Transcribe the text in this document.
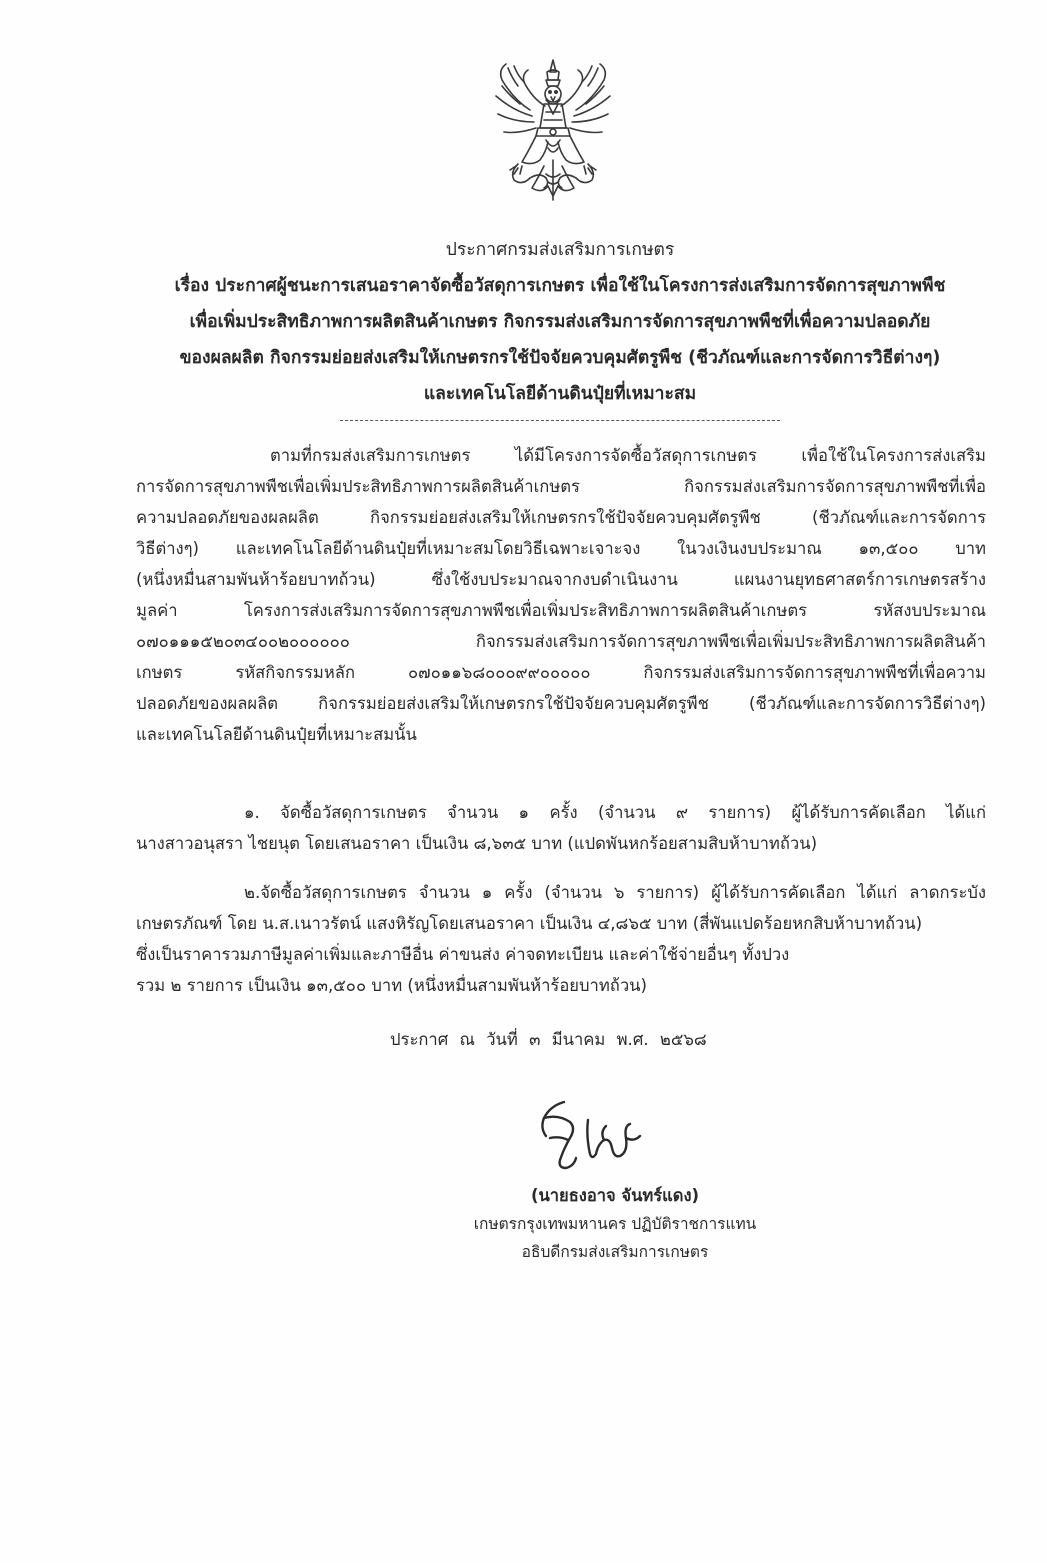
ประกาศกรมส่งเสริมการเกษตร
เรื่อง ประกาศผู้ชนะการเสนอราคาจัดซื้อวัสดุการเกษตร เพื่อใช้ในโครงการส่งเสริมการจัดการสุขภาพพืช
เพื่อเพิ่มประสิทธิภาพการผลิตสินค้าเกษตร กิจกรรมส่งเสริมการจัดการสุขภาพพืชที่เพื่อความปลอดภัย
ของผลผลิต กิจกรรมย่อยส่งเสริมให้เกษตรกรใช้ปัจจัยควบคุมศัตรูพืช (ชีวภัณฑ์และการจัดการวิธีต่างๆ)
และเทคโนโลยีด้านดินปุ๋ยที่เหมาะสม
ตามที่กรมส่งเสริมการเกษตร ได้มีโครงการจัดซื้อวัสดุการเกษตร เพื่อใช้ในโครงการส่งเสริม
การจัดการสุขภาพพืชเพื่อเพิ่มประสิทธิภาพการผลิตสินค้าเกษตร กิจกรรมส่งเสริมการจัดการสุขภาพพืชที่เพื่อ
ความปลอดภัยของผลผลิต กิจกรรมย่อยส่งเสริมให้เกษตรกรใช้ปัจจัยควบคุมศัตรูพืช (ชีวภัณฑ์และการจัดการ
วิธีต่างๆ) และเทคโนโลยีด้านดินปุ๋ยที่เหมาะสมโดยวิธีเฉพาะเจาะจง ในวงเงินงบประมาณ ๑๓,๕๐๐ บาท
(หนึ่งหมื่นสามพันห้าร้อยบาทถ้วน) ซึ่งใช้งบประมาณจากงบดำเนินงาน แผนงานยุทธศาสตร์การเกษตรสร้าง
มูลค่า โครงการส่งเสริมการจัดการสุขภาพพืชเพื่อเพิ่มประสิทธิภาพการผลิตสินค้าเกษตร รหัสงบประมาณ
๐๗๐๑๑๑๕๒๐๓๔๐๐๒๐๐๐๐๐๐ กิจกรรมส่งเสริมการจัดการสุขภาพพืชเพื่อเพิ่มประสิทธิภาพการผลิตสินค้า
เกษตร รหัสกิจกรรมหลัก ๐๗๐๑๑๖๘๐๐๐๙๙๐๐๐๐๐ กิจกรรมส่งเสริมการจัดการสุขภาพพืชที่เพื่อความ
ปลอดภัยของผลผลิต กิจกรรมย่อยส่งเสริมให้เกษตรกรใช้ปัจจัยควบคุมศัตรูพืช (ชีวภัณฑ์และการจัดการวิธีต่างๆ)
และเทคโนโลยีด้านดินปุ๋ยที่เหมาะสมนั้น
๑. จัดซื้อวัสดุการเกษตร จำนวน ๑ ครั้ง (จำนวน ๙ รายการ) ผู้ได้รับการคัดเลือก ได้แก่
นางสาวอนุสรา ไชยนุต โดยเสนอราคา เป็นเงิน ๘,๖๓๕ บาท (แปดพันหกร้อยสามสิบห้าบาทถ้วน)
๒.จัดซื้อวัสดุการเกษตร จำนวน ๑ ครั้ง (จำนวน ๖ รายการ) ผู้ได้รับการคัดเลือก ได้แก่ ลาดกระบัง
เกษตรภัณฑ์ โดย น.ส.เนาวรัตน์ แสงหิรัญโดยเสนอราคา เป็นเงิน ๔,๘๖๕ บาท (สี่พันแปดร้อยหกสิบห้าบาทถ้วน)
ซึ่งเป็นราคารวมภาษีมูลค่าเพิ่มและภาษีอื่น ค่าขนส่ง ค่าจดทะเบียน และค่าใช้จ่ายอื่นๆ ทั้งปวง
รวม ๒ รายการ เป็นเงิน ๑๓,๕๐๐ บาท (หนึ่งหมื่นสามพันห้าร้อยบาทถ้วน)
ประกาศ ณ วันที่ ๓ มีนาคม พ.ศ. ๒๕๖๘
(นายธงอาจ จันทร์แดง)
เกษตรกรุงเทพมหานคร ปฏิบัติราชการแทน
อธิบดีกรมส่งเสริมการเกษตร
